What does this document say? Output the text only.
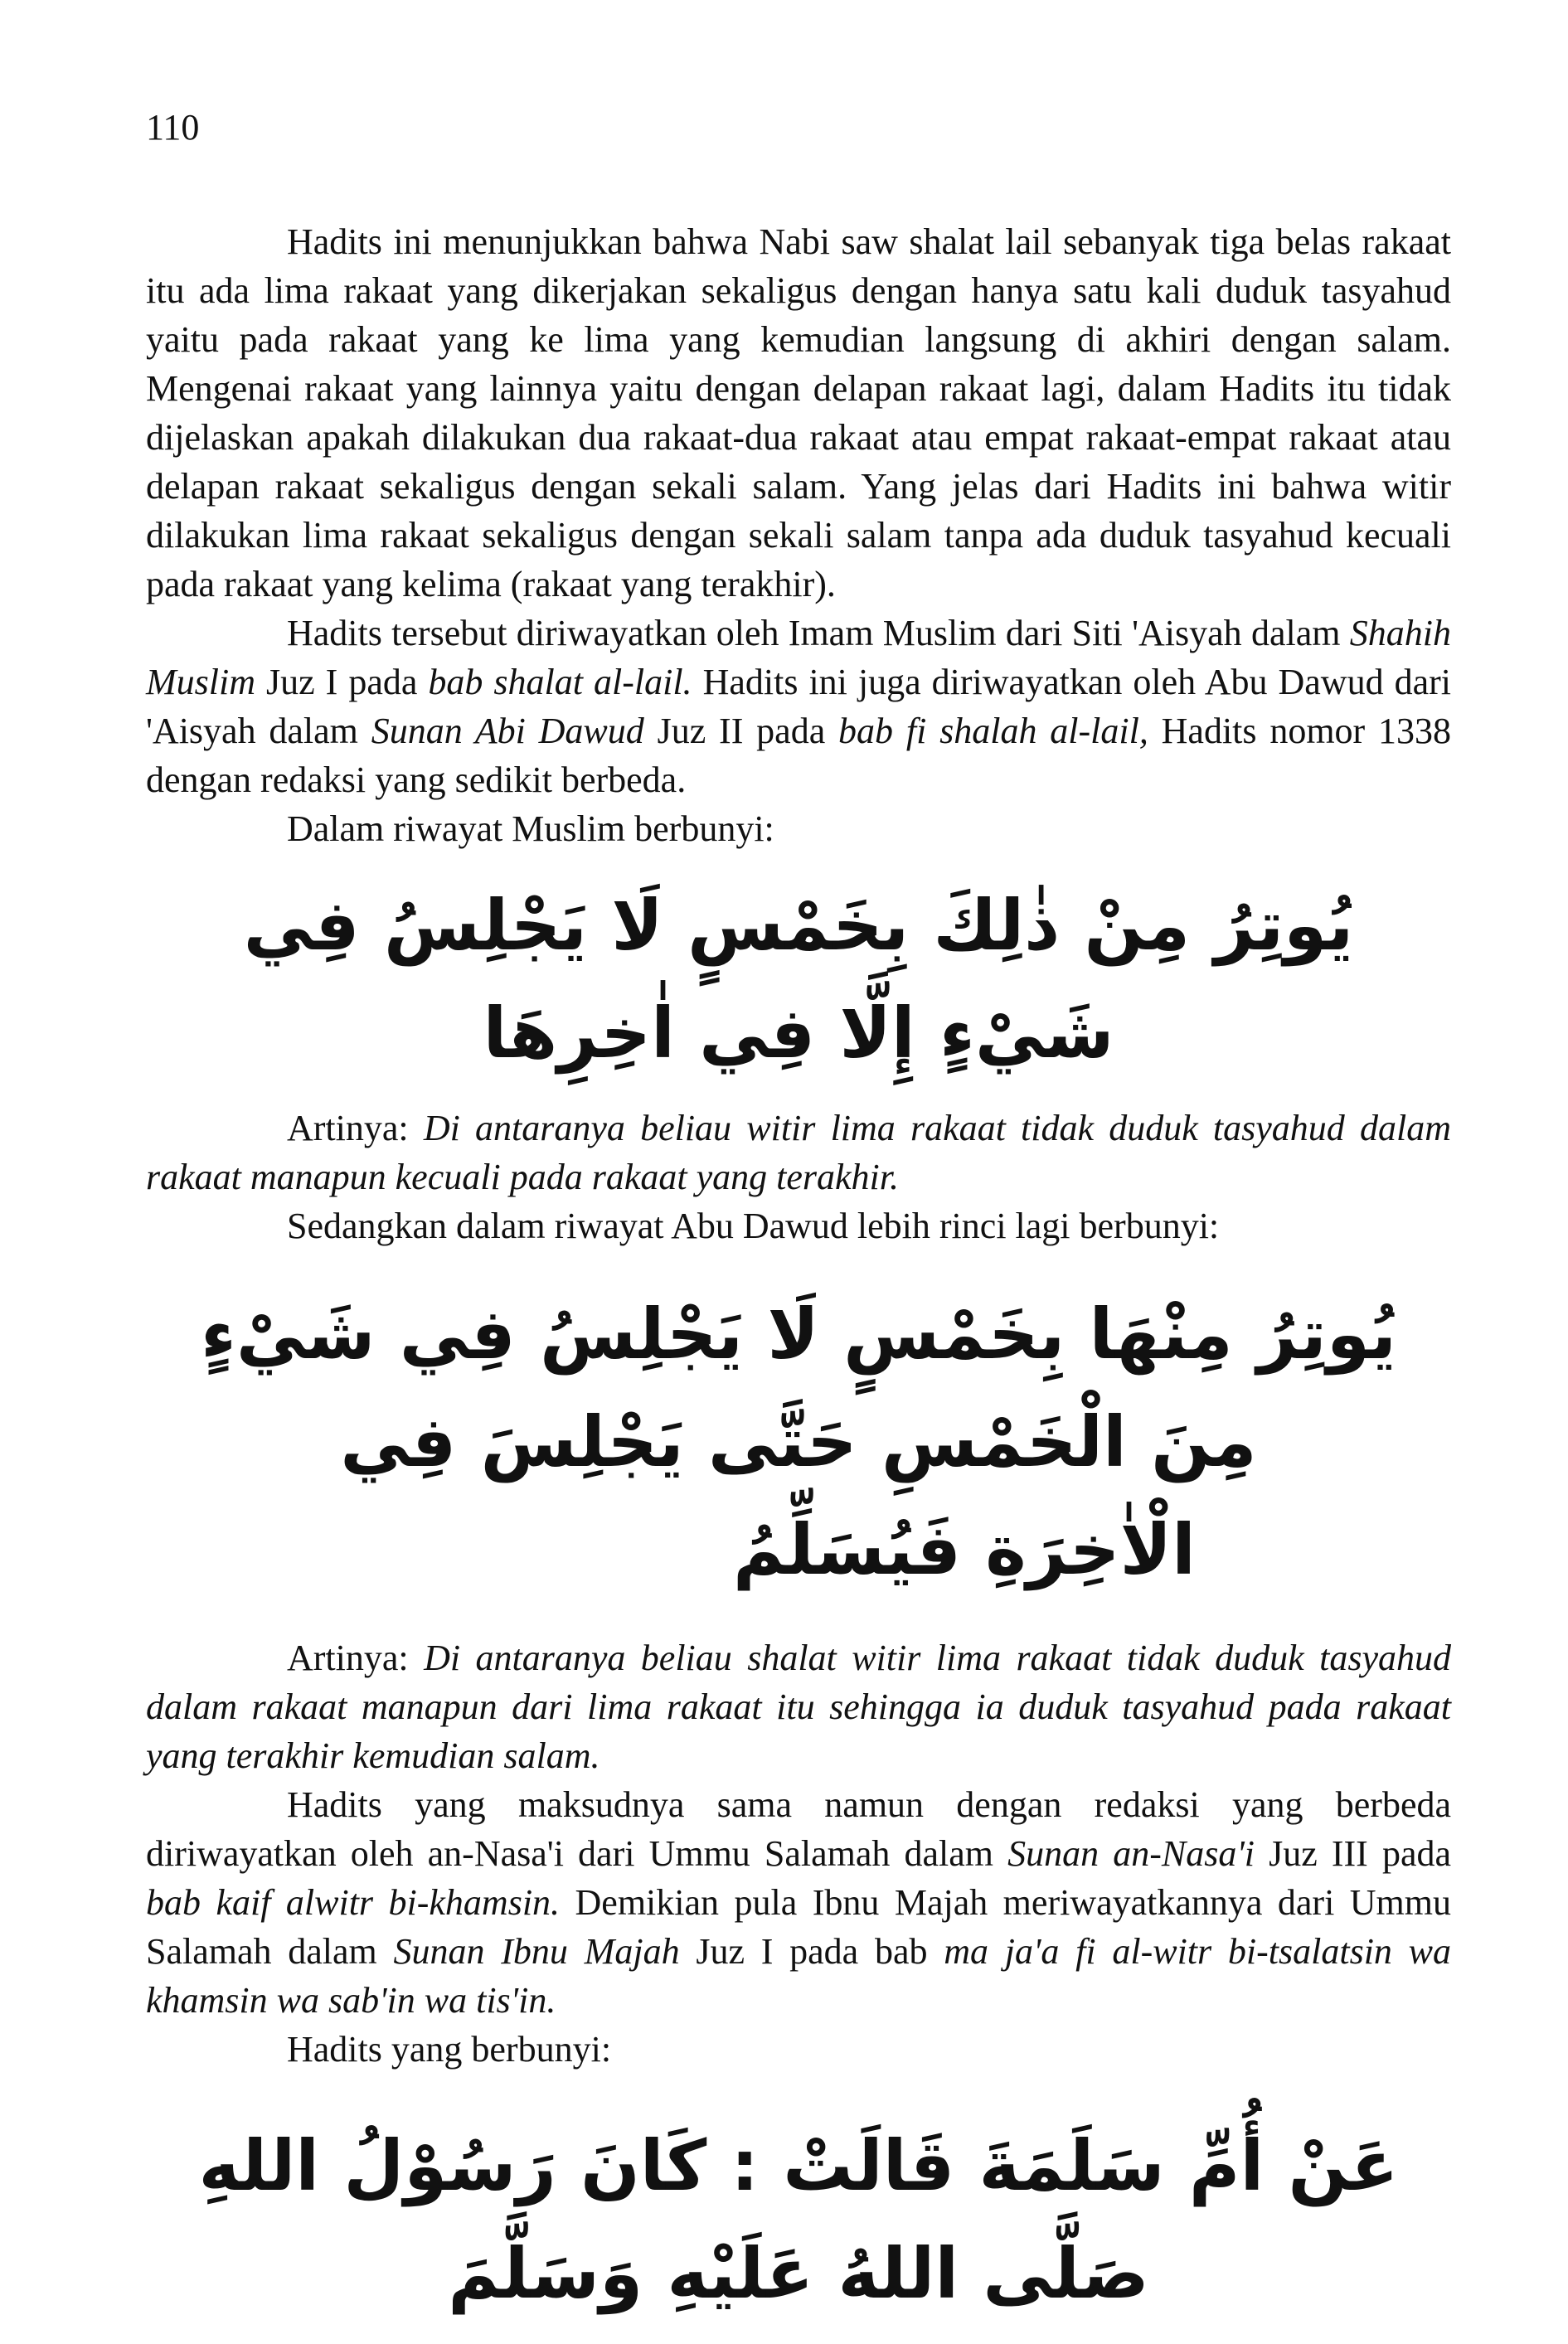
110

Hadits ini menunjukkan bahwa Nabi saw shalat lail sebanyak tiga belas rakaat itu ada lima rakaat yang dikerjakan sekaligus dengan hanya satu kali duduk tasyahud yaitu pada rakaat yang ke lima yang kemudian langsung di akhiri dengan salam. Mengenai rakaat yang lainnya yaitu dengan delapan rakaat lagi, dalam Hadits itu tidak dijelaskan apakah dilakukan dua rakaat-dua rakaat atau empat rakaat-empat rakaat atau delapan rakaat sekaligus dengan sekali salam. Yang jelas dari Hadits ini bahwa witir dilakukan lima rakaat sekaligus dengan sekali salam tanpa ada duduk tasyahud kecuali pada rakaat yang kelima (rakaat yang terakhir).

Hadits tersebut diriwayatkan oleh Imam Muslim dari Siti 'Aisyah dalam Shahih Muslim Juz I pada bab shalat al-lail. Hadits ini juga diriwayatkan oleh Abu Dawud dari 'Aisyah dalam Sunan Abi Dawud Juz II pada bab fi shalah al-lail, Hadits nomor 1338 dengan redaksi yang sedikit berbeda.

Dalam riwayat Muslim berbunyi:

يُوتِرُ مِنْ ذٰلِكَ بِخَمْسٍ لَا يَجْلِسُ فِي شَيْءٍ إِلَّا فِي اٰخِرِهَا

Artinya: Di antaranya beliau witir lima rakaat tidak duduk tasyahud dalam rakaat manapun kecuali pada rakaat yang terakhir.

Sedangkan dalam riwayat Abu Dawud lebih rinci lagi berbunyi:

يُوتِرُ مِنْهَا بِخَمْسٍ لَا يَجْلِسُ فِي شَيْءٍ مِنَ الْخَمْسِ حَتَّى يَجْلِسَ فِي
الْاٰخِرَةِ فَيُسَلِّمُ

Artinya: Di antaranya beliau shalat witir lima rakaat tidak duduk tasyahud dalam rakaat manapun dari lima rakaat itu sehingga ia duduk tasyahud pada rakaat yang terakhir kemudian salam.

Hadits yang maksudnya sama namun dengan redaksi yang berbeda diriwayatkan oleh an-Nasa'i dari Ummu Salamah dalam Sunan an-Nasa'i Juz III pada bab kaif alwitr bi-khamsin. Demikian pula Ibnu Majah meriwayatkannya dari Ummu Salamah dalam Sunan Ibnu Majah Juz I pada bab ma ja'a fi al-witr bi-tsalatsin wa khamsin wa sab'in wa tis'in.

Hadits yang berbunyi:

عَنْ أُمِّ سَلَمَةَ قَالَتْ : كَانَ رَسُوْلُ اللهِ صَلَّى اللهُ عَلَيْهِ وَسَلَّمَ
